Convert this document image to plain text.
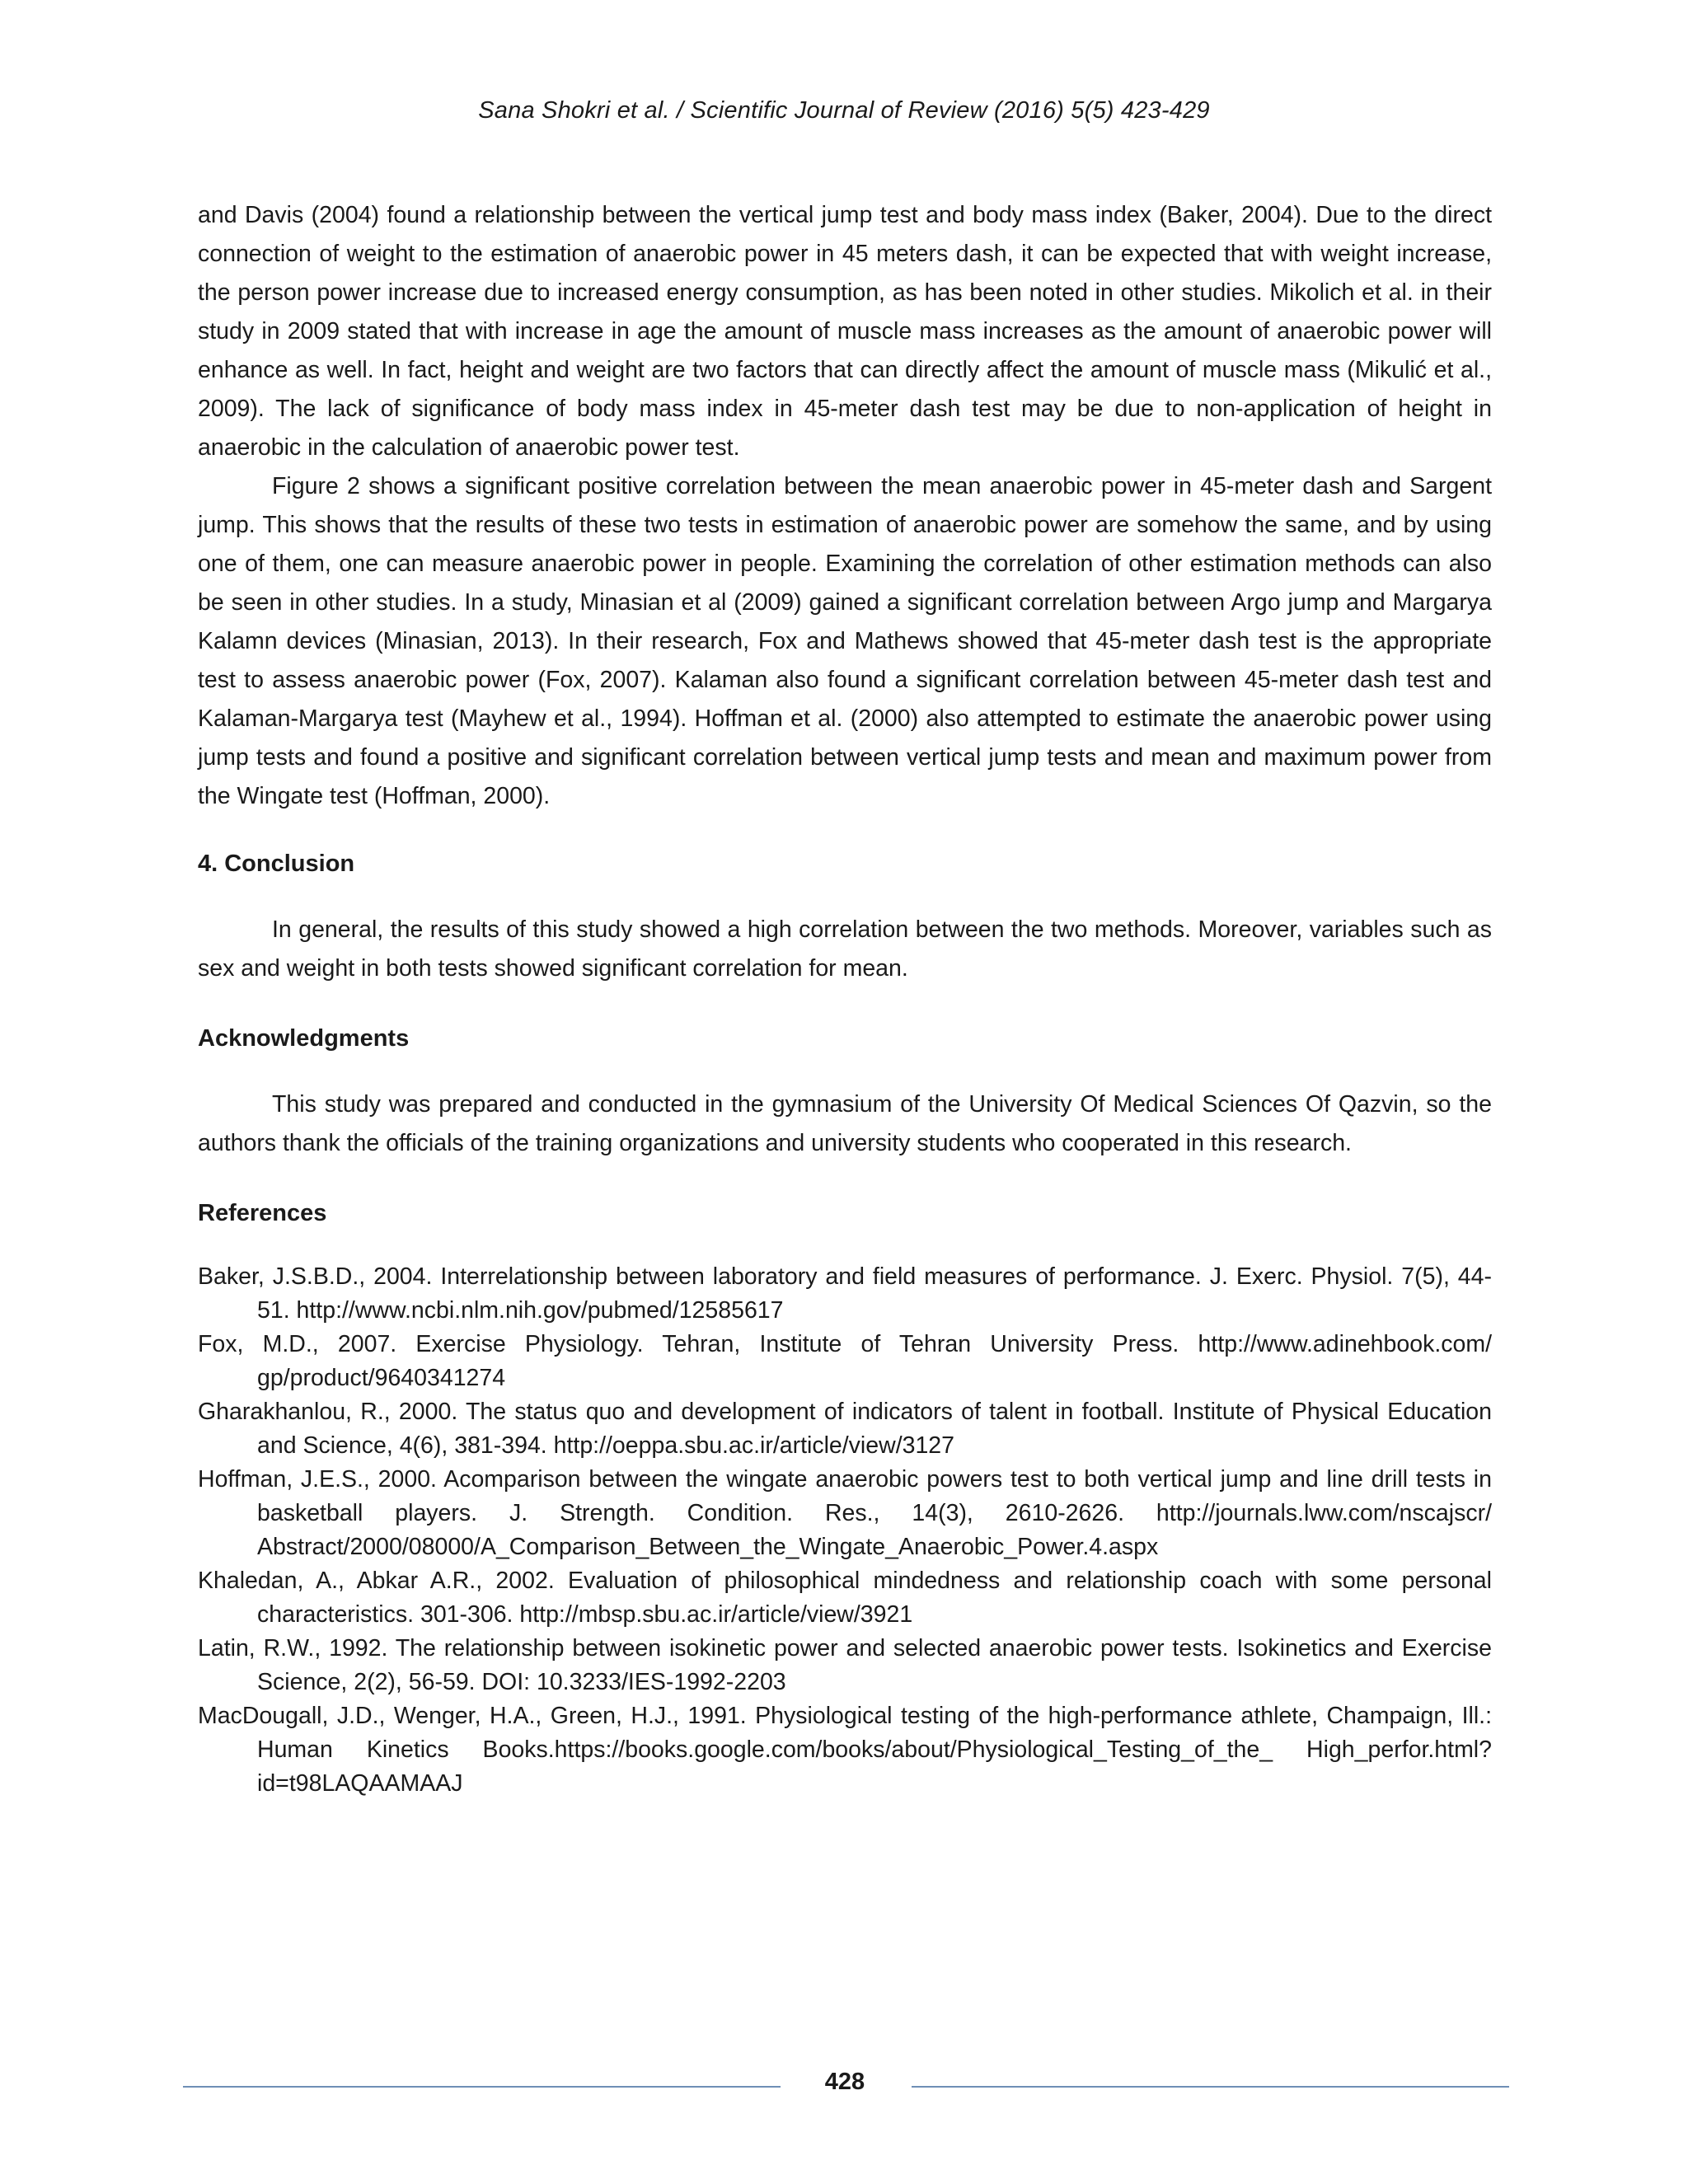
Sana Shokri et al. / Scientific Journal of Review (2016) 5(5) 423-429

and Davis (2004) found a relationship between the vertical jump test and body mass index (Baker, 2004). Due to the direct connection of weight to the estimation of anaerobic power in 45 meters dash, it can be expected that with weight increase, the person power increase due to increased energy consumption, as has been noted in other studies. Mikolich et al. in their study in 2009 stated that with increase in age the amount of muscle mass increases as the amount of anaerobic power will enhance as well. In fact, height and weight are two factors that can directly affect the amount of muscle mass (Mikulić et al., 2009). The lack of significance of body mass index in 45-meter dash test may be due to non-application of height in anaerobic in the calculation of anaerobic power test.

Figure 2 shows a significant positive correlation between the mean anaerobic power in 45-meter dash and Sargent jump. This shows that the results of these two tests in estimation of anaerobic power are somehow the same, and by using one of them, one can measure anaerobic power in people. Examining the correlation of other estimation methods can also be seen in other studies. In a study, Minasian et al (2009) gained a significant correlation between Argo jump and Margarya Kalamn devices (Minasian, 2013). In their research, Fox and Mathews showed that 45-meter dash test is the appropriate test to assess anaerobic power (Fox, 2007). Kalaman also found a significant correlation between 45-meter dash test and Kalaman-Margarya test (Mayhew et al., 1994). Hoffman et al. (2000) also attempted to estimate the anaerobic power using jump tests and found a positive and significant correlation between vertical jump tests and mean and maximum power from the Wingate test (Hoffman, 2000).

4. Conclusion

In general, the results of this study showed a high correlation between the two methods. Moreover, variables such as sex and weight in both tests showed significant correlation for mean.

Acknowledgments

This study was prepared and conducted in the gymnasium of the University Of Medical Sciences Of Qazvin, so the authors thank the officials of the training organizations and university students who cooperated in this research.

References

Baker, J.S.B.D., 2004. Interrelationship between laboratory and field measures of performance. J. Exerc. Physiol. 7(5), 44-51. http://www.ncbi.nlm.nih.gov/pubmed/12585617

Fox, M.D., 2007. Exercise Physiology. Tehran, Institute of Tehran University Press. http://www.adinehbook.com/ gp/product/9640341274

Gharakhanlou, R., 2000. The status quo and development of indicators of talent in football. Institute of Physical Education and Science, 4(6), 381-394. http://oeppa.sbu.ac.ir/article/view/3127

Hoffman, J.E.S., 2000. Acomparison between the wingate anaerobic powers test to both vertical jump and line drill tests in basketball players. J. Strength. Condition. Res., 14(3), 2610-2626. http://journals.lww.com/nscajscr/ Abstract/2000/08000/A_Comparison_Between_the_Wingate_Anaerobic_Power.4.aspx

Khaledan, A., Abkar A.R., 2002. Evaluation of philosophical mindedness and relationship coach with some personal characteristics. 301-306. http://mbsp.sbu.ac.ir/article/view/3921

Latin, R.W., 1992. The relationship between isokinetic power and selected anaerobic power tests. Isokinetics and Exercise Science, 2(2), 56-59. DOI: 10.3233/IES-1992-2203

MacDougall, J.D., Wenger, H.A., Green, H.J., 1991. Physiological testing of the high-performance athlete, Champaign, Ill.: Human Kinetics Books.https://books.google.com/books/about/Physiological_Testing_of_the_ High_perfor.html?id=t98LAQAAMAAJ

428
